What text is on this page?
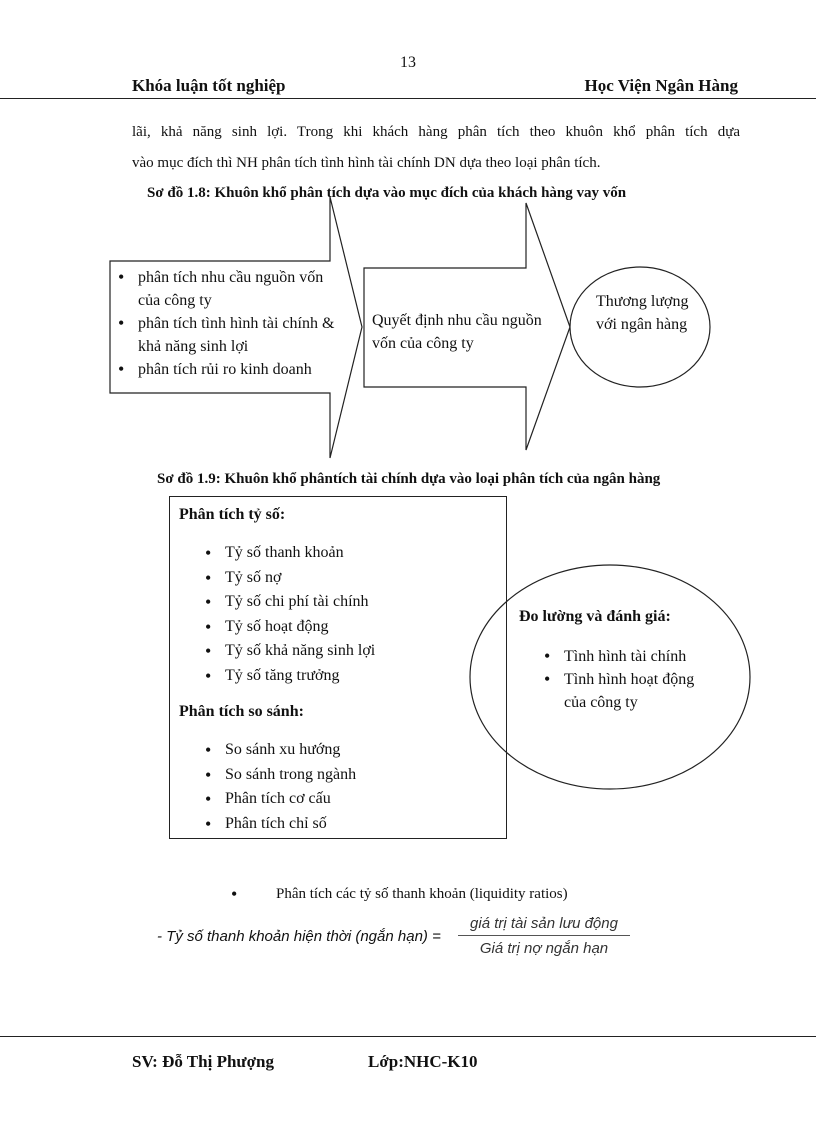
13
Khóa luận tốt nghiệp	Học Viện Ngân Hàng
lãi, khả năng sinh lợi. Trong khi khách hàng phân tích theo khuôn khổ phân tích dựa
vào mục đích thì NH phân tích tình hình tài chính DN dựa theo loại phân tích.
Sơ đồ 1.8: Khuôn khổ phân tích dựa vào mục đích của khách hàng vay vốn
• phân tích nhu cầu nguồn vốn của công ty
• phân tích tình hình tài chính & khả năng sinh lợi
• phân tích rủi ro kinh doanh
Quyết định nhu cầu nguồn vốn của công ty
Thương lượng với ngân hàng
Sơ đồ 1.9: Khuôn khổ phântích tài chính dựa vào loại phân tích của ngân hàng
Phân tích tỷ số:
• Tỷ số thanh khoản
• Tỷ số nợ
• Tỷ số chi phí tài chính
• Tỷ số hoạt động
• Tỷ số khả năng sinh lợi
• Tỷ số tăng trưởng
Phân tích so sánh:
• So sánh xu hướng
• So sánh trong ngành
• Phân tích cơ cấu
• Phân tích chỉ số
Đo lường và đánh giá:
• Tình hình tài chính
• Tình hình hoạt động của công ty
•	Phân tích các tỷ số thanh khoản (liquidity ratios)
- Tỷ số thanh khoản hiện thời (ngắn hạn) =
giá trị tài sản lưu động
Giá trị nợ ngắn hạn
SV: Đỗ Thị Phượng	Lớp:NHC-K10
